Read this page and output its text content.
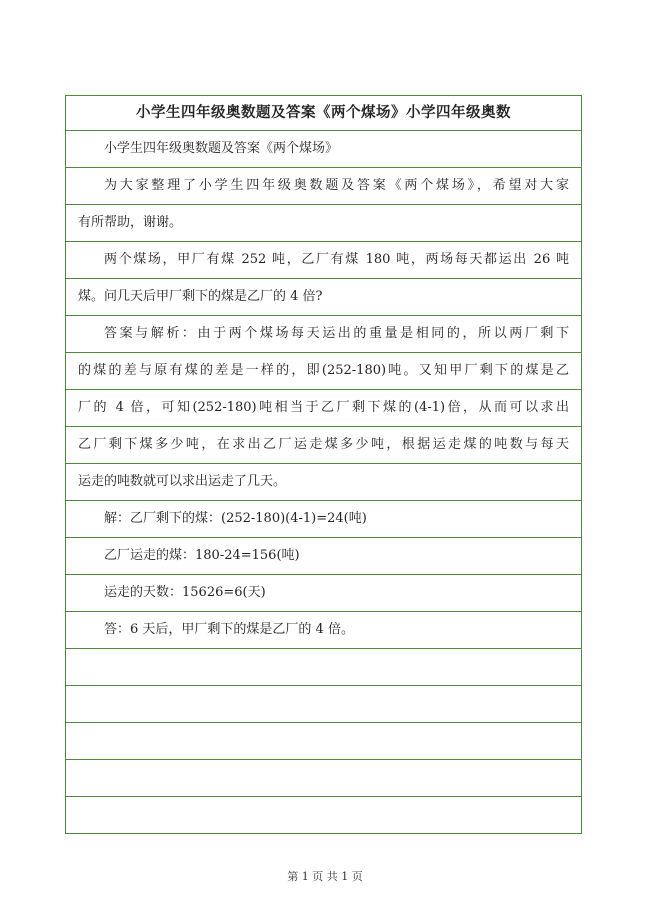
小学生四年级奥数题及答案《两个煤场》小学四年级奥数
小学生四年级奥数题及答案《两个煤场》
为大家整理了小学生四年级奥数题及答案《两个煤场》，希望对大家
有所帮助，谢谢。
两个煤场，甲厂有煤 252 吨，乙厂有煤 180 吨，两场每天都运出 26 吨
煤。问几天后甲厂剩下的煤是乙厂的 4 倍?
答案与解析：由于两个煤场每天运出的重量是相同的，所以两厂剩下
的煤的差与原有煤的差是一样的，即(252-180)吨。又知甲厂剩下的煤是乙
厂的 4 倍，可知(252-180)吨相当于乙厂剩下煤的(4-1)倍，从而可以求出
乙厂剩下煤多少吨，在求出乙厂运走煤多少吨，根据运走煤的吨数与每天
运走的吨数就可以求出运走了几天。
解：乙厂剩下的煤：(252-180)(4-1)=24(吨)
乙厂运走的煤：180-24=156(吨)
运走的天数：15626=6(天)
答：6 天后，甲厂剩下的煤是乙厂的 4 倍。
第 1 页 共 1 页
